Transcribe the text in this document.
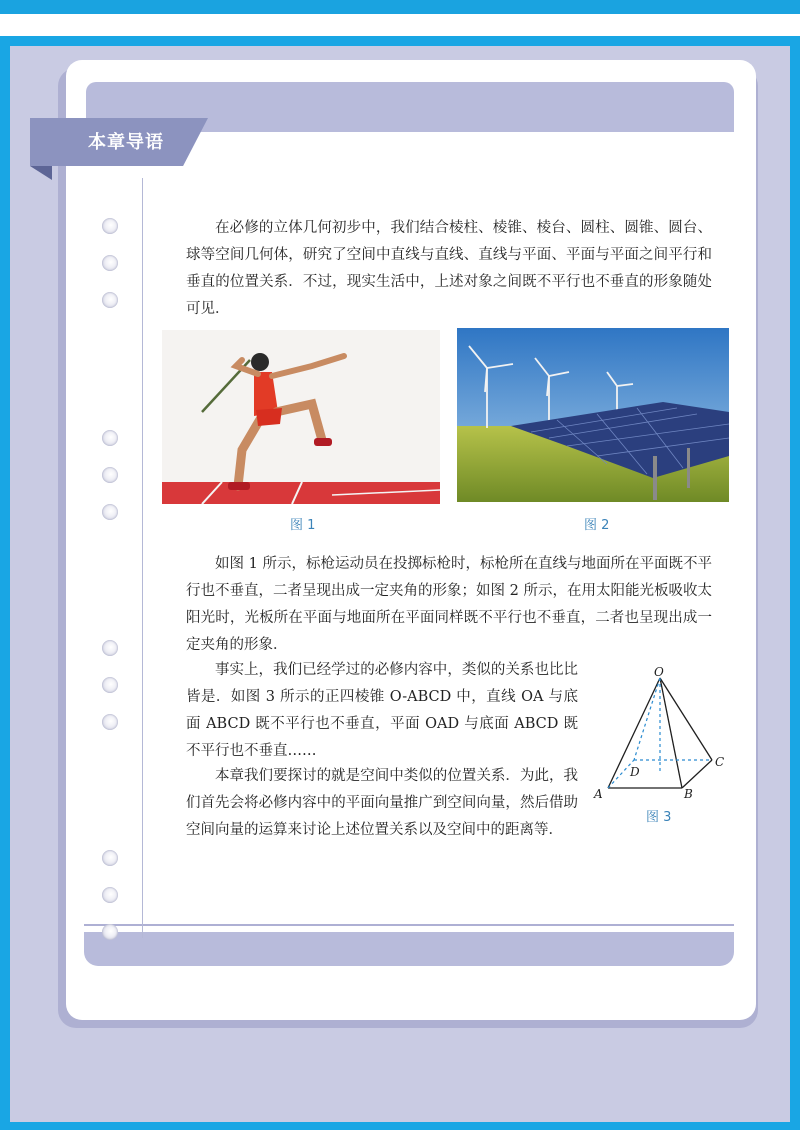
本章导语

在必修的立体几何初步中，我们结合棱柱、棱锥、棱台、圆柱、圆锥、圆台、球等空间几何体，研究了空间中直线与直线、直线与平面、平面与平面之间平行和垂直的位置关系．不过，现实生活中，上述对象之间既不平行也不垂直的形象随处可见．

图 1	图 2

如图 1 所示，标枪运动员在投掷标枪时，标枪所在直线与地面所在平面既不平行也不垂直，二者呈现出成一定夹角的形象；如图 2 所示，在用太阳能光板吸收太阳光时，光板所在平面与地面所在平面同样既不平行也不垂直，二者也呈现出成一定夹角的形象．

事实上，我们已经学过的必修内容中，类似的关系也比比皆是．如图 3 所示的正四棱锥 O-ABCD 中，直线 OA 与底面 ABCD 既不平行也不垂直，平面 OAD 与底面 ABCD 既不平行也不垂直……

本章我们要探讨的就是空间中类似的位置关系．为此，我们首先会将必修内容中的平面向量推广到空间向量，然后借助空间向量的运算来讨论上述位置关系以及空间中的距离等．

O
A	B
C
D
图 3
